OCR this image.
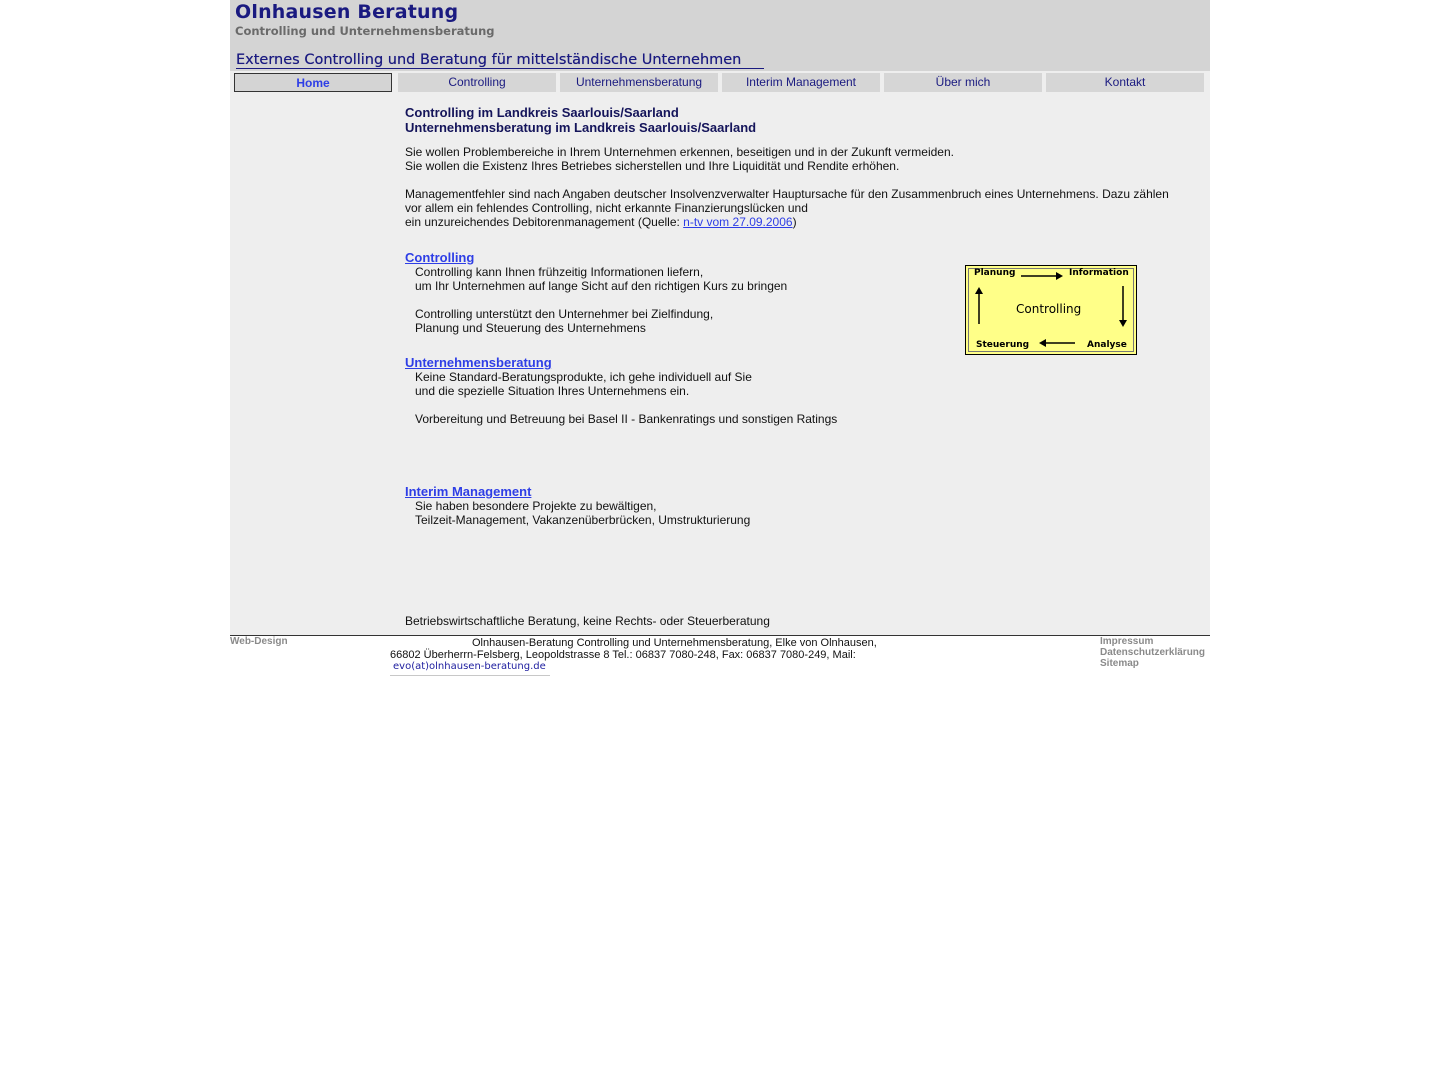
Olnhausen Beratung
Controlling und Unternehmensberatung
Externes Controlling und Beratung für mittelständische Unternehmen
Home	Controlling	Unternehmensberatung	Interim Management	Über mich	Kontakt
Controlling im Landkreis Saarlouis/Saarland
Unternehmensberatung im Landkreis Saarlouis/Saarland
Sie wollen Problembereiche in Ihrem Unternehmen erkennen, beseitigen und in der Zukunft vermeiden.
Sie wollen die Existenz Ihres Betriebes sicherstellen und Ihre Liquidität und Rendite erhöhen.
Managementfehler sind nach Angaben deutscher Insolvenzverwalter Hauptursache für den Zusammenbruch eines Unternehmens. Dazu zählen
vor allem ein fehlendes Controlling, nicht erkannte Finanzierungslücken und
ein unzureichendes Debitorenmanagement (Quelle: n-tv vom 27.09.2006)
Controlling
Controlling kann Ihnen frühzeitig Informationen liefern,
um Ihr Unternehmen auf lange Sicht auf den richtigen Kurs zu bringen
Controlling unterstützt den Unternehmer bei Zielfindung,
Planung und Steuerung des Unternehmens
Unternehmensberatung
Keine Standard-Beratungsprodukte, ich gehe individuell auf Sie
und die spezielle Situation Ihres Unternehmens ein.
Vorbereitung und Betreuung bei Basel II - Bankenratings und sonstigen Ratings
Interim Management
Sie haben besondere Projekte zu bewältigen,
Teilzeit-Management, Vakanzenüberbrücken, Umstrukturierung
Betriebswirtschaftliche Beratung, keine Rechts- oder Steuerberatung
Planung	Information
Controlling
Steuerung	Analyse
Web-Design	Olnhausen-Beratung Controlling und Unternehmensberatung, Elke von Olnhausen,
66802 Überherrn-Felsberg, Leopoldstrasse 8 Tel.: 06837 7080-248, Fax: 06837 7080-249, Mail:
evo(at)olnhausen-beratung.de
Impressum
Datenschutzerklärung
Sitemap
